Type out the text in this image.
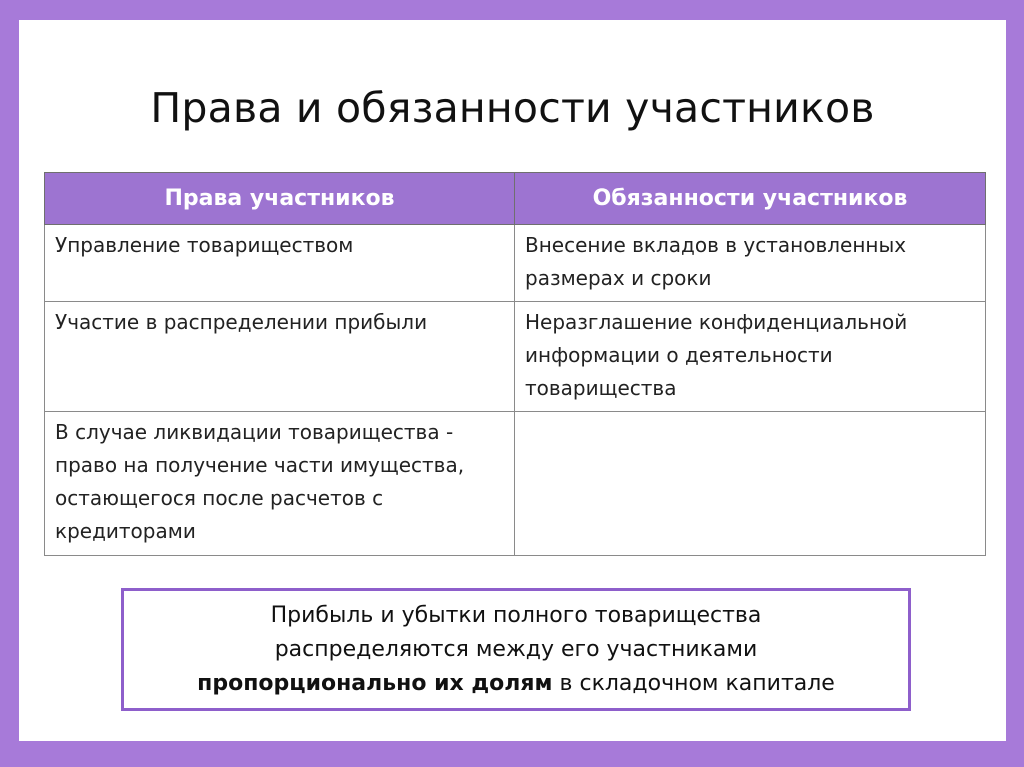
Права и обязанности участников
Права участников	Обязанности участников
Управление товариществом	Внесение вкладов в установленных размерах и сроки
Участие в распределении прибыли	Неразглашение конфиденциальной информации о деятельности товарищества
В случае ликвидации товарищества - право на получение части имущества, остающегося после расчетов с кредиторами	
Прибыль и убытки полного товарищества
распределяются между его участниками
пропорционально их долям в складочном капитале
